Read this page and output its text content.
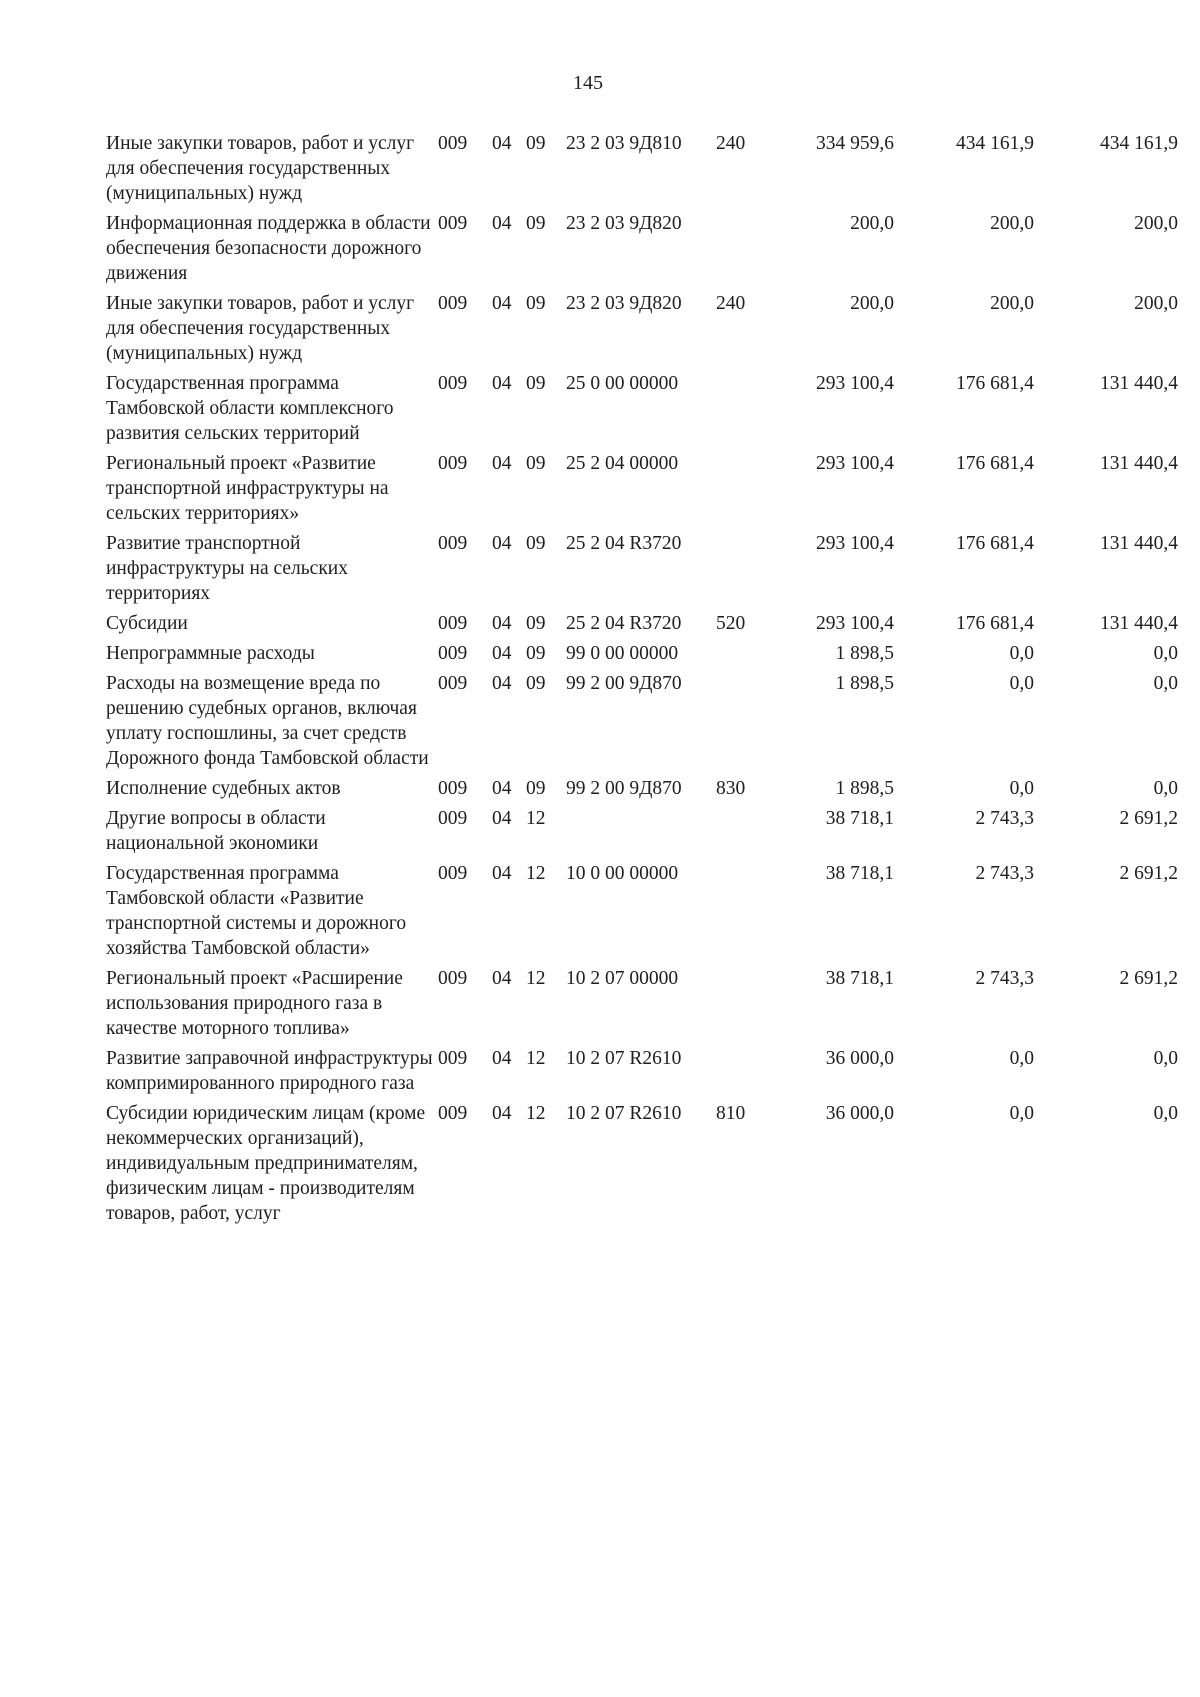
145
Иные закупки товаров, работ и услуг для обеспечения государственных (муниципальных) нужд
009	04 09	23 2 03 9Д810	240	334 959,6	434 161,9	434 161,9
Информационная поддержка в области обеспечения безопасности дорожного движения
009	04 09	23 2 03 9Д820	200,0	200,0	200,0
Иные закупки товаров, работ и услуг для обеспечения государственных (муниципальных) нужд
009	04 09	23 2 03 9Д820	240	200,0	200,0	200,0
Государственная программа Тамбовской области комплексного развития сельских территорий
009	04 09	25 0 00 00000	293 100,4	176 681,4	131 440,4
Региональный проект «Развитие транспортной инфраструктуры на сельских территориях»
009	04 09	25 2 04 00000	293 100,4	176 681,4	131 440,4
Развитие транспортной инфраструктуры на сельских территориях
009	04 09	25 2 04 R3720	293 100,4	176 681,4	131 440,4
Субсидии	009	04 09	25 2 04 R3720	520	293 100,4	176 681,4	131 440,4
Непрограммные расходы	009	04 09	99 0 00 00000	1 898,5	0,0	0,0
Расходы на возмещение вреда по решению судебных органов, включая уплату госпошлины, за счет средств Дорожного фонда Тамбовской области
009	04 09	99 2 00 9Д870	1 898,5	0,0	0,0
Исполнение судебных актов	009	04 09	99 2 00 9Д870	830	1 898,5	0,0	0,0
Другие вопросы в области национальной экономики
009	04 12	38 718,1	2 743,3	2 691,2
Государственная программа Тамбовской области «Развитие транспортной системы и дорожного хозяйства Тамбовской области»
009	04 12	10 0 00 00000	38 718,1	2 743,3	2 691,2
Региональный проект «Расширение использования природного газа в качестве моторного топлива»
009	04 12	10 2 07 00000	38 718,1	2 743,3	2 691,2
Развитие заправочной инфраструктуры компримированного природного газа
009	04 12	10 2 07 R2610	36 000,0	0,0	0,0
Субсидии юридическим лицам (кроме некоммерческих организаций), индивидуальным предпринимателям, физическим лицам - производителям товаров, работ, услуг
009	04 12	10 2 07 R2610	810	36 000,0	0,0	0,0
